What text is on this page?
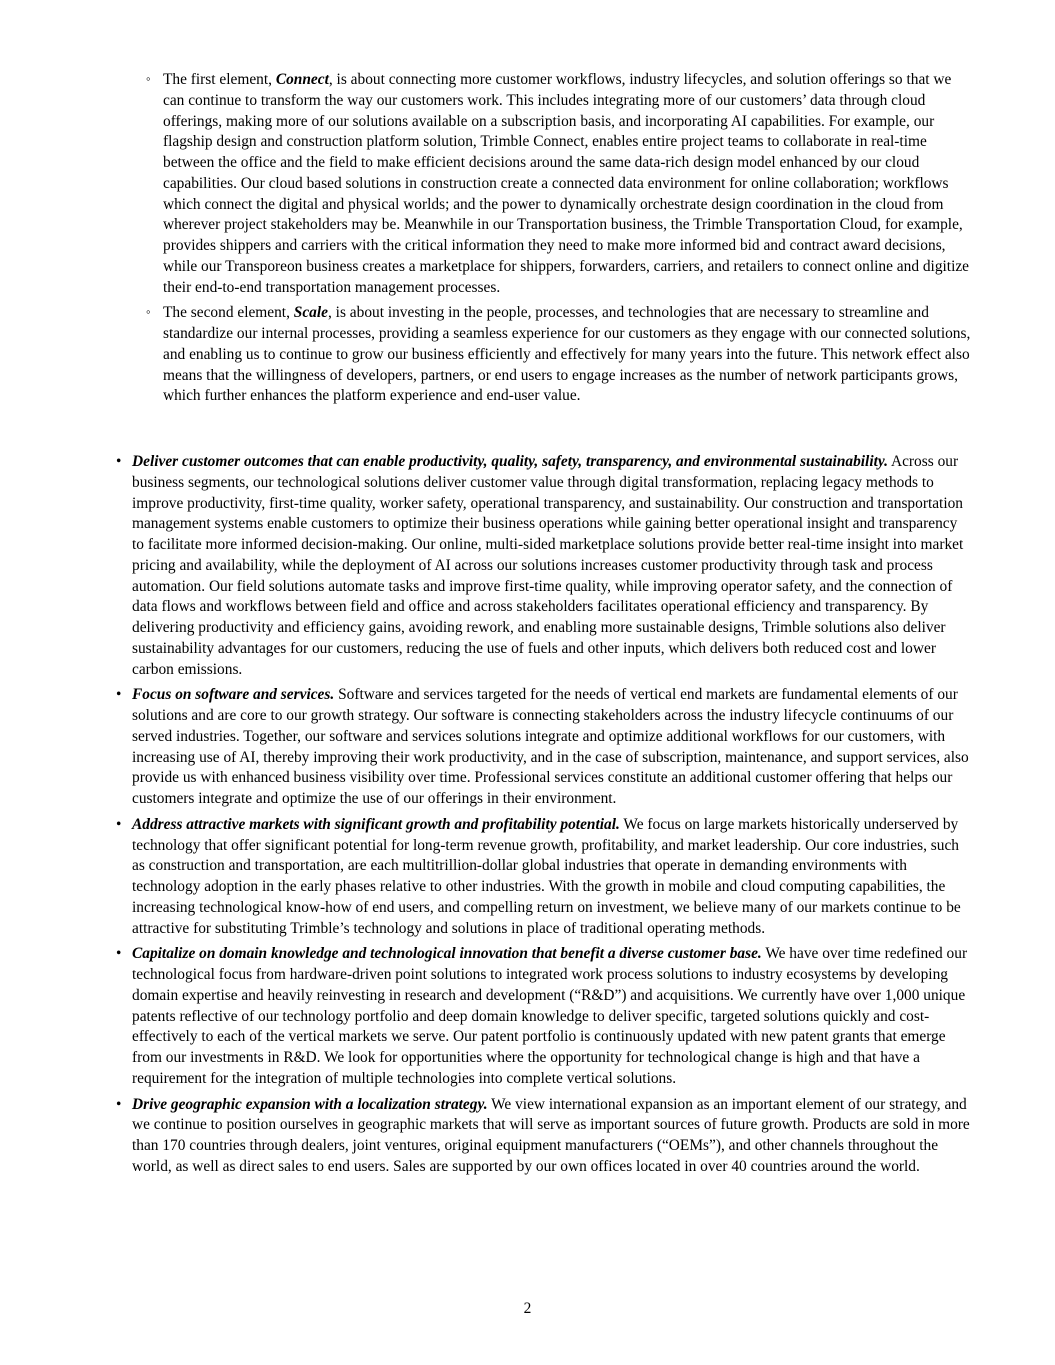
◦ The first element, Connect, is about connecting more customer workflows, industry lifecycles, and solution offerings so that we can continue to transform the way our customers work. This includes integrating more of our customers’ data through cloud offerings, making more of our solutions available on a subscription basis, and incorporating AI capabilities. For example, our flagship design and construction platform solution, Trimble Connect, enables entire project teams to collaborate in real-time between the office and the field to make efficient decisions around the same data-rich design model enhanced by our cloud capabilities. Our cloud based solutions in construction create a connected data environment for online collaboration; workflows which connect the digital and physical worlds; and the power to dynamically orchestrate design coordination in the cloud from wherever project stakeholders may be. Meanwhile in our Transportation business, the Trimble Transportation Cloud, for example, provides shippers and carriers with the critical information they need to make more informed bid and contract award decisions, while our Transporeon business creates a marketplace for shippers, forwarders, carriers, and retailers to connect online and digitize their end-to-end transportation management processes.
◦ The second element, Scale, is about investing in the people, processes, and technologies that are necessary to streamline and standardize our internal processes, providing a seamless experience for our customers as they engage with our connected solutions, and enabling us to continue to grow our business efficiently and effectively for many years into the future. This network effect also means that the willingness of developers, partners, or end users to engage increases as the number of network participants grows, which further enhances the platform experience and end-user value.
• Deliver customer outcomes that can enable productivity, quality, safety, transparency, and environmental sustainability. Across our business segments, our technological solutions deliver customer value through digital transformation, replacing legacy methods to improve productivity, first-time quality, worker safety, operational transparency, and sustainability. Our construction and transportation management systems enable customers to optimize their business operations while gaining better operational insight and transparency to facilitate more informed decision-making. Our online, multi-sided marketplace solutions provide better real-time insight into market pricing and availability, while the deployment of AI across our solutions increases customer productivity through task and process automation. Our field solutions automate tasks and improve first-time quality, while improving operator safety, and the connection of data flows and workflows between field and office and across stakeholders facilitates operational efficiency and transparency. By delivering productivity and efficiency gains, avoiding rework, and enabling more sustainable designs, Trimble solutions also deliver sustainability advantages for our customers, reducing the use of fuels and other inputs, which delivers both reduced cost and lower carbon emissions.
• Focus on software and services. Software and services targeted for the needs of vertical end markets are fundamental elements of our solutions and are core to our growth strategy. Our software is connecting stakeholders across the industry lifecycle continuums of our served industries. Together, our software and services solutions integrate and optimize additional workflows for our customers, with increasing use of AI, thereby improving their work productivity, and in the case of subscription, maintenance, and support services, also provide us with enhanced business visibility over time. Professional services constitute an additional customer offering that helps our customers integrate and optimize the use of our offerings in their environment.
• Address attractive markets with significant growth and profitability potential. We focus on large markets historically underserved by technology that offer significant potential for long-term revenue growth, profitability, and market leadership. Our core industries, such as construction and transportation, are each multitrillion-dollar global industries that operate in demanding environments with technology adoption in the early phases relative to other industries. With the growth in mobile and cloud computing capabilities, the increasing technological know-how of end users, and compelling return on investment, we believe many of our markets continue to be attractive for substituting Trimble’s technology and solutions in place of traditional operating methods.
• Capitalize on domain knowledge and technological innovation that benefit a diverse customer base. We have over time redefined our technological focus from hardware-driven point solutions to integrated work process solutions to industry ecosystems by developing domain expertise and heavily reinvesting in research and development (“R&D”) and acquisitions. We currently have over 1,000 unique patents reflective of our technology portfolio and deep domain knowledge to deliver specific, targeted solutions quickly and cost-effectively to each of the vertical markets we serve. Our patent portfolio is continuously updated with new patent grants that emerge from our investments in R&D. We look for opportunities where the opportunity for technological change is high and that have a requirement for the integration of multiple technologies into complete vertical solutions.
• Drive geographic expansion with a localization strategy. We view international expansion as an important element of our strategy, and we continue to position ourselves in geographic markets that will serve as important sources of future growth. Products are sold in more than 170 countries through dealers, joint ventures, original equipment manufacturers (“OEMs”), and other channels throughout the world, as well as direct sales to end users. Sales are supported by our own offices located in over 40 countries around the world.
2
